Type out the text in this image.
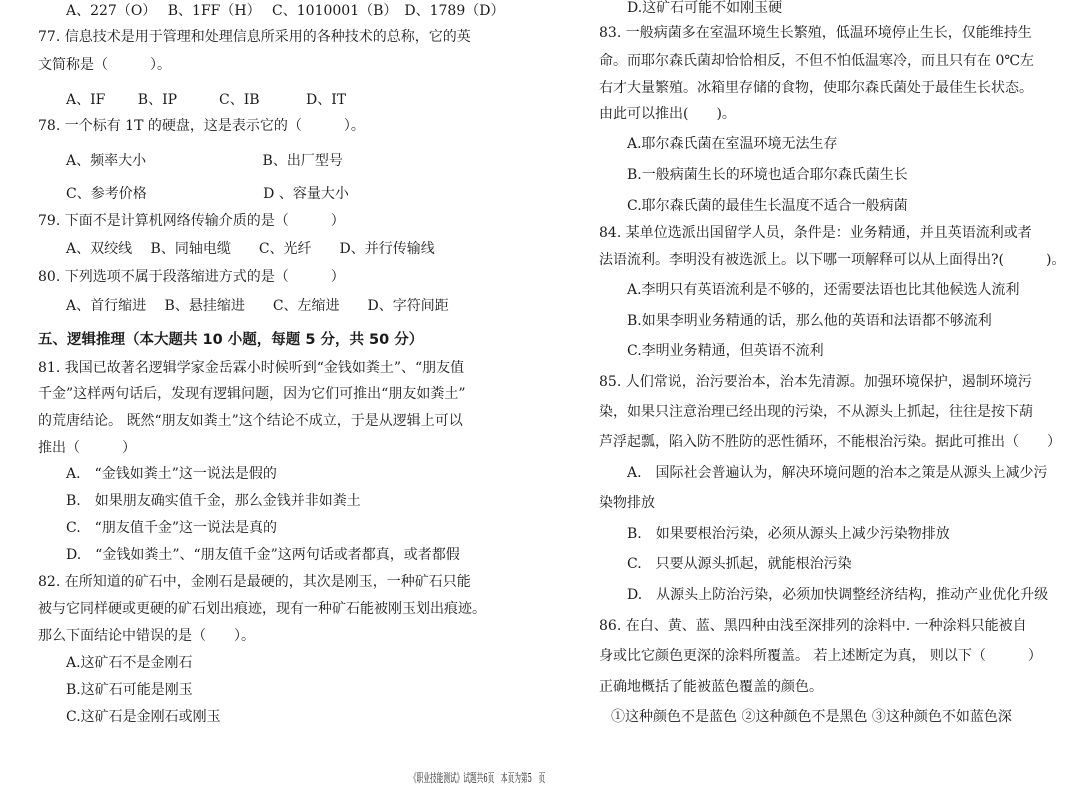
A、227（O）　 B、1FF（H）　 C、1010001（B）　D、1789（D）
77. 信息技术是用于管理和处理信息所采用的各种技术的总称，它的英
文简称是（　　　）。
A、IF　　 B、IP　　　C、IB　　　 D、IT
78. 一个标有 1T 的硬盘，这是表示它的（　　　）。
A、频率大小　　　　　　　　 B、出厂型号
C、参考价格　　　　　　　　 D 、容量大小
79. 下面不是计算机网络传输介质的是（　　　）
A、双绞线　 B、同轴电缆　　C、光纤　　D、并行传输线
80. 下列选项不属于段落缩进方式的是（　　　）
A、首行缩进　 B、悬挂缩进　　C、左缩进　　D、字符间距
五、逻辑推理（本大题共 10 小题，每题 5 分，共 50 分）
81. 我国已故著名逻辑学家金岳霖小时候听到“金钱如粪土”、“朋友值
千金”这样两句话后，发现有逻辑问题，因为它们可推出“朋友如粪土”
的荒唐结论。 既然“朋友如粪土”这个结论不成立，于是从逻辑上可以
推出（　　　）
A.　“金钱如粪土”这一说法是假的
B.　如果朋友确实值千金，那么金钱并非如粪土
C.　“朋友值千金”这一说法是真的
D.　“金钱如粪土”、“朋友值千金”这两句话或者都真，或者都假
82. 在所知道的矿石中，金刚石是最硬的，其次是刚玉，一种矿石只能
被与它同样硬或更硬的矿石划出痕迹，现有一种矿石能被刚玉划出痕迹。
那么下面结论中错误的是（　　）。
A.这矿石不是金刚石
B.这矿石可能是刚玉
C.这矿石是金刚石或刚玉
D.这矿石可能不如刚玉硬
83. 一般病菌多在室温环境生长繁殖，低温环境停止生长，仅能维持生
命。而耶尔森氏菌却恰恰相反，不但不怕低温寒冷，而且只有在 0℃左
右才大量繁殖。冰箱里存储的食物，使耶尔森氏菌处于最佳生长状态。
由此可以推出(　　)。
A.耶尔森氏菌在室温环境无法生存
B.一般病菌生长的环境也适合耶尔森氏菌生长
C.耶尔森氏菌的最佳生长温度不适合一般病菌
84. 某单位选派出国留学人员，条件是：业务精通，并且英语流利或者
法语流利。李明没有被选派上。以下哪一项解释可以从上面得出?(　　　)。
A.李明只有英语流利是不够的，还需要法语也比其他候选人流利
B.如果李明业务精通的话，那么他的英语和法语都不够流利
C.李明业务精通，但英语不流利
85. 人们常说，治污要治本，治本先清源。加强环境保护，遏制环境污
染，如果只注意治理已经出现的污染，不从源头上抓起，往往是按下葫
芦浮起瓢，陷入防不胜防的恶性循环，不能根治污染。据此可推出（　　）
A.　国际社会普遍认为，解决环境问题的治本之策是从源头上减少污
染物排放
B.　如果要根治污染，必须从源头上减少污染物排放
C.　只要从源头抓起，就能根治污染
D.　从源头上防治污染，必须加快调整经济结构，推动产业优化升级
86. 在白、黄、蓝、黑四种由浅至深排列的涂料中. 一种涂料只能被自
身或比它颜色更深的涂料所覆盖。 若上述断定为真， 则以下（　　　）
正确地概括了能被蓝色覆盖的颜色。
①这种颜色不是蓝色 ②这种颜色不是黑色 ③这种颜色不如蓝色深
《职业技能测试》试题共6页　本页为第5　页
